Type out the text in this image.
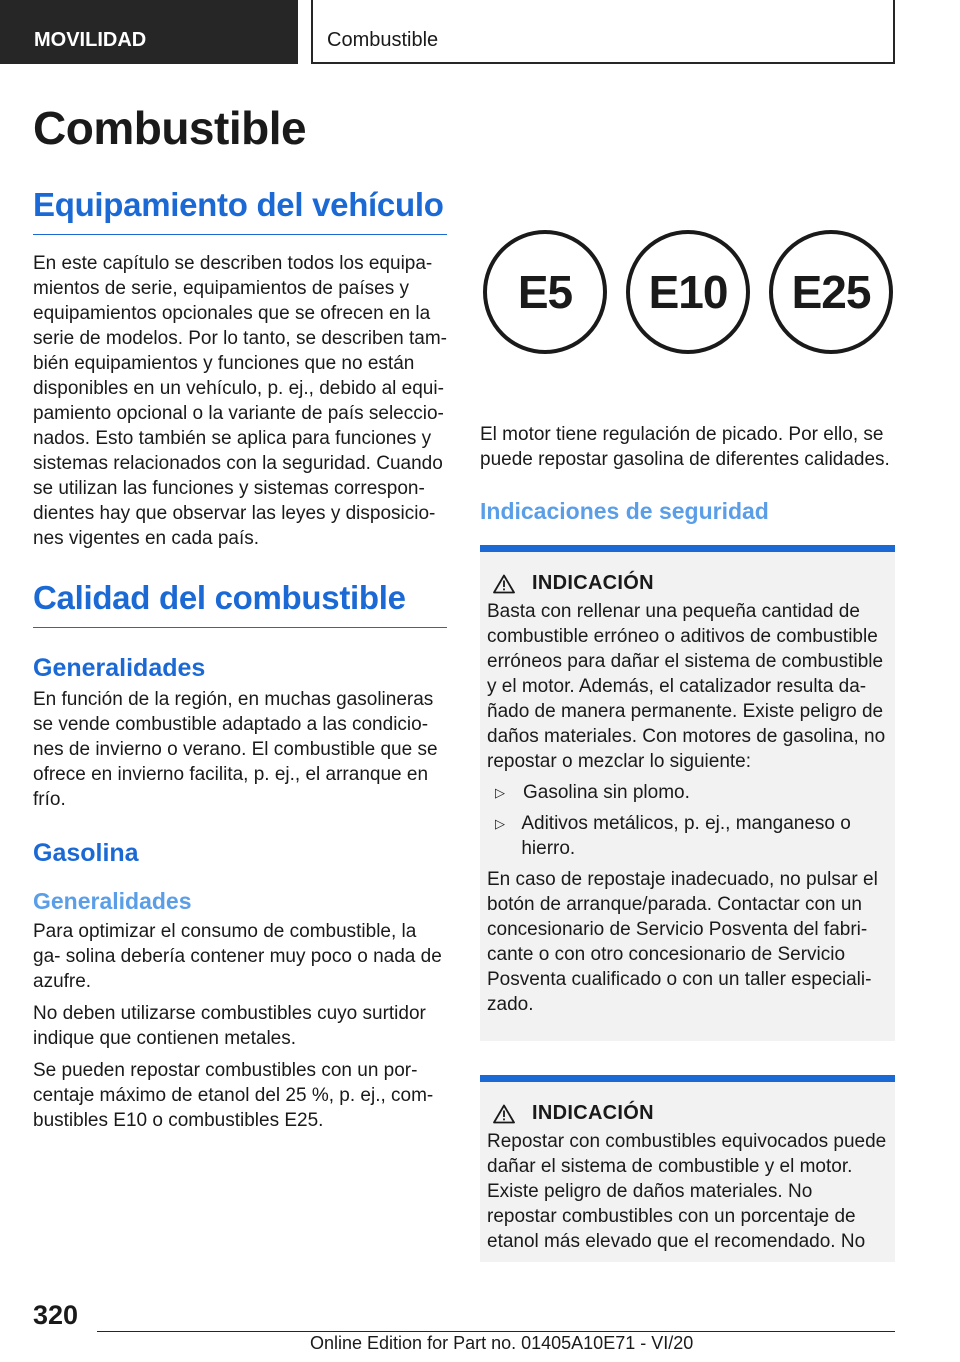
MOVILIDAD	Combustible
Combustible
Equipamiento del vehículo

En este capítulo se describen todos los equipa- mientos de serie, equipamientos de países y equipamientos opcionales que se ofrecen en la serie de modelos. Por lo tanto, se describen tam- bién equipamientos y funciones que no están disponibles en un vehículo, p. ej., debido al equi- pamiento opcional o la variante de país seleccio- nados. Esto también se aplica para funciones y sistemas relacionados con la seguridad. Cuando se utilizan las funciones y sistemas correspon- dientes hay que observar las leyes y disposicio- nes vigentes en cada país.

Calidad del combustible
Generalidades

En función de la región, en muchas gasolineras se vende combustible adaptado a las condicio- nes de invierno o verano. El combustible que se ofrece en invierno facilita, p. ej., el arranque en frío.

Gasolina
Generalidades

Para optimizar el consumo de combustible, la ga- solina debería contener muy poco o nada de azufre.

No deben utilizarse combustibles cuyo surtidor indique que contienen metales.

Se pueden repostar combustibles con un por- centaje máximo de etanol del 25 %, p. ej., com- bustibles E10 o combustibles E25.

E5	E10	E25

El motor tiene regulación de picado. Por ello, se puede repostar gasolina de diferentes calidades.

Indicaciones de seguridad
INDICACIÓN

Basta con rellenar una pequeña cantidad de combustible erróneo o aditivos de combustible erróneos para dañar el sistema de combustible y el motor. Además, el catalizador resulta da- ñado de manera permanente. Existe peligro de daños materiales. Con motores de gasolina, no repostar o mezclar lo siguiente:

▷ Gasolina sin plomo.
▷ Aditivos metálicos, p. ej., manganeso o hierro.

En caso de repostaje inadecuado, no pulsar el botón de arranque/parada. Contactar con un concesionario de Servicio Posventa del fabri- cante o con otro concesionario de Servicio Posventa cualificado o con un taller especiali- zado.

INDICACIÓN

Repostar con combustibles equivocados puede dañar el sistema de combustible y el motor. Existe peligro de daños materiales. No repostar combustibles con un porcentaje de etanol más elevado que el recomendado. No

320
Online Edition for Part no. 01405A10E71 - VI/20
